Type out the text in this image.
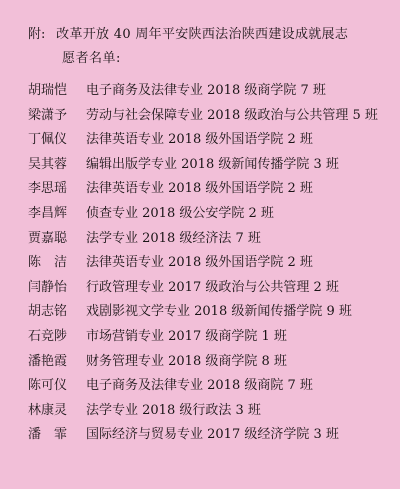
附: 改革开放 40 周年平安陕西法治陕西建设成就展志
愿者名单:
胡瑞恺	电子商务及法律专业 2018 级商学院 7 班
梁潇予	劳动与社会保障专业 2018 级政治与公共管理 5 班
丁佩仪	法律英语专业 2018 级外国语学院 2 班
吴其蓉	编辑出版学专业 2018 级新闻传播学院 3 班
李思瑶	法律英语专业 2018 级外国语学院 2 班
李昌辉	侦查专业 2018 级公安学院 2 班
贾嘉聪	法学专业 2018 级经济法 7 班
陈　洁	法律英语专业 2018 级外国语学院 2 班
闫静怡	行政管理专业 2017 级政治与公共管理 2 班
胡志铭	戏剧影视文学专业 2018 级新闻传播学院 9 班
石竞陟	市场营销专业 2017 级商学院 1 班
潘艳霞	财务管理专业 2018 级商学院 8 班
陈可仪	电子商务及法律专业 2018 级商院 7 班
林康灵	法学专业 2018 级行政法 3 班
潘　霏	国际经济与贸易专业 2017 级经济学院 3 班
